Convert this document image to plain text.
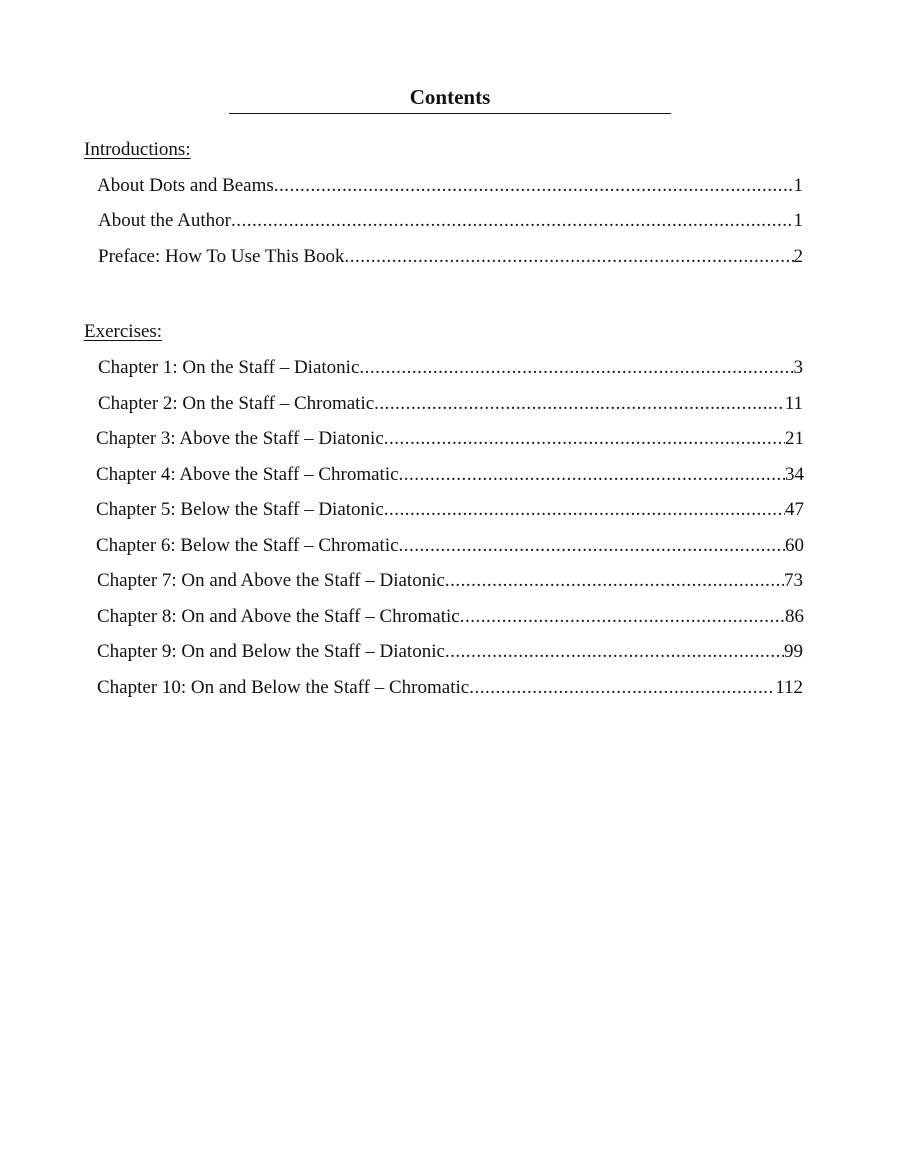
Contents
Introductions:
About Dots and Beams .....	1
About the Author .....	1
Preface: How To Use This Book .....	2
Exercises:
Chapter 1: On the Staff – Diatonic .....	3
Chapter 2: On the Staff – Chromatic .....	11
Chapter 3: Above the Staff – Diatonic .....	21
Chapter 4: Above the Staff – Chromatic .....	34
Chapter 5: Below the Staff – Diatonic .....	47
Chapter 6: Below the Staff – Chromatic .....	60
Chapter 7: On and Above the Staff – Diatonic .....	73
Chapter 8: On and Above the Staff – Chromatic .....	86
Chapter 9: On and Below the Staff – Diatonic .....	99
Chapter 10: On and Below the Staff – Chromatic .....	112
